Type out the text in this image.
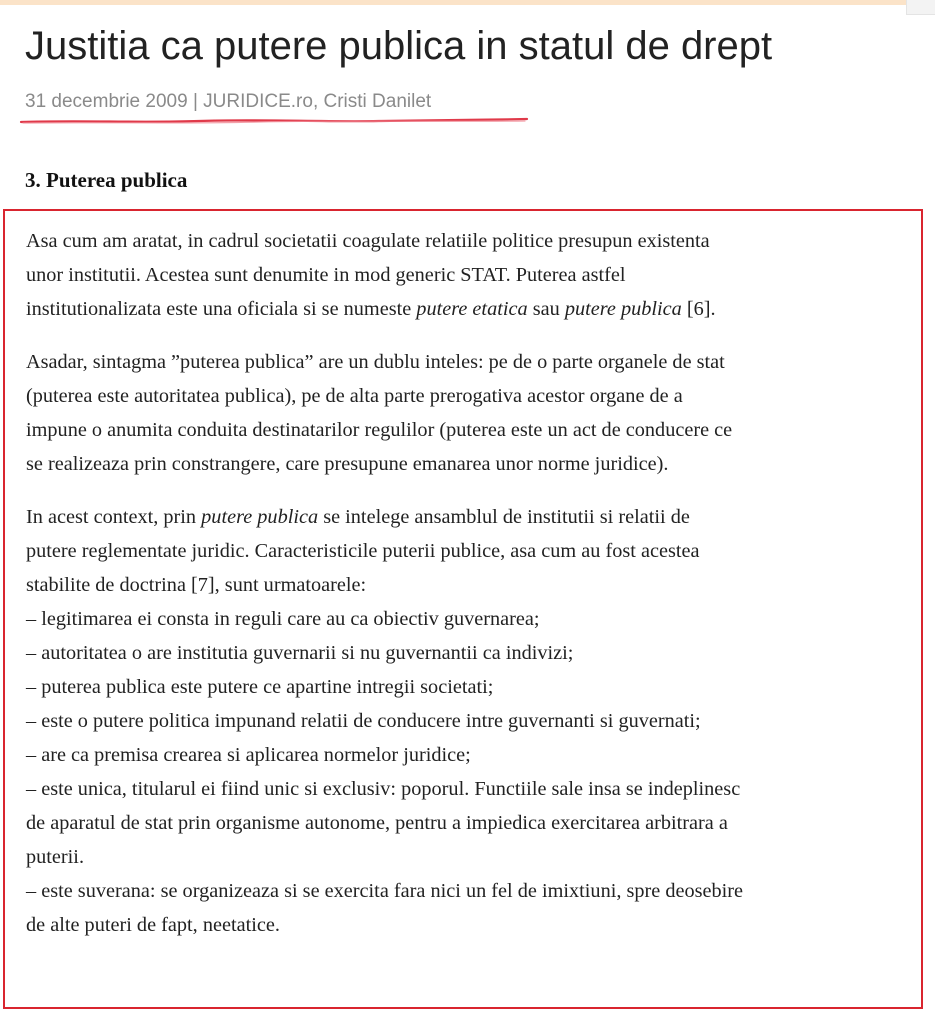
Justitia ca putere publica in statul de drept
31 decembrie 2009 | JURIDICE.ro, Cristi Danilet
3. Puterea publica

Asa cum am aratat, in cadrul societatii coagulate relatiile politice presupun existenta
unor institutii. Acestea sunt denumite in mod generic STAT. Puterea astfel
institutionalizata este una oficiala si se numeste putere etatica sau putere publica [6].

Asadar, sintagma ”puterea publica” are un dublu inteles: pe de o parte organele de stat
(puterea este autoritatea publica), pe de alta parte prerogativa acestor organe de a
impune o anumita conduita destinatarilor regulilor (puterea este un act de conducere ce
se realizeaza prin constrangere, care presupune emanarea unor norme juridice).

In acest context, prin putere publica se intelege ansamblul de institutii si relatii de
putere reglementate juridic. Caracteristicile puterii publice, asa cum au fost acestea
stabilite de doctrina [7], sunt urmatoarele:
– legitimarea ei consta in reguli care au ca obiectiv guvernarea;
– autoritatea o are institutia guvernarii si nu guvernantii ca indivizi;
– puterea publica este putere ce apartine intregii societati;
– este o putere politica impunand relatii de conducere intre guvernanti si guvernati;
– are ca premisa crearea si aplicarea normelor juridice;
– este unica, titularul ei fiind unic si exclusiv: poporul. Functiile sale insa se indeplinesc
de aparatul de stat prin organisme autonome, pentru a impiedica exercitarea arbitrara a
puterii.
– este suverana: se organizeaza si se exercita fara nici un fel de imixtiuni, spre deosebire
de alte puteri de fapt, neetatice.
